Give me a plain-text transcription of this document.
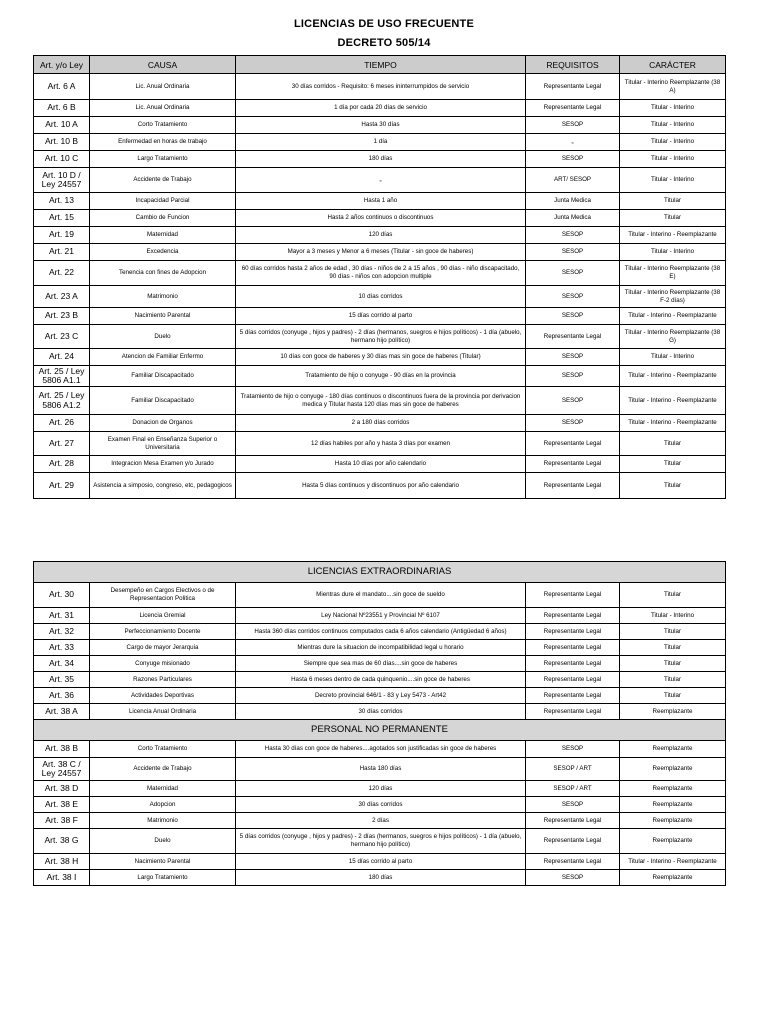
LICENCIAS DE USO FRECUENTE
DECRETO 505/14
Art. y/o Ley	CAUSA	TIEMPO	REQUISITOS	CARÁCTER
Art. 6 A	Lic. Anual Ordinaria	30 días corridos - Requisito: 6 meses ininterrumpidos de servicio	Representante Legal	Titular - Interino Reemplazante (38 A)
Art. 6 B	Lic. Anual Ordinaria	1 día por cada 20 días de servicio	Representante Legal	Titular - Interino
Art. 10 A	Corto Tratamiento	Hasta 30 días	SESOP	Titular - Interino
Art. 10 B	Enfermedad en horas de trabajo	1 día	„	Titular - Interino
Art. 10 C	Largo Tratamiento	180 días	SESOP	Titular - Interino
Art. 10 D / Ley 24557	Accidente de Trabajo	„	ART/ SESOP	Titular - Interino
Art. 13	Incapacidad Parcial	Hasta 1 año	Junta Medica	Titular
Art. 15	Cambio de Funcion	Hasta 2 años continuos o discontinuos	Junta Medica	Titular
Art. 19	Maternidad	120 días	SESOP	Titular - Interino - Reemplazante
Art. 21	Excedencia	Mayor a 3 meses y Menor a 6 meses (Titular - sin goce de haberes)	SESOP	Titular - Interino
Art. 22	Tenencia con fines de Adopcion	60 días corridos hasta 2 años de edad , 30 días - niños de 2 a 15 años , 90 días - niño discapacitado, 90 días - niños con adopcion multiple	SESOP	Titular - Interino Reemplazante (38 E)
Art. 23 A	Matrimonio	10 días corridos	SESOP	Titular - Interino Reemplazante (38 F-2 días)
Art. 23 B	Nacimiento Parental	15 días corrido al parto	SESOP	Titular - Interino - Reemplazante
Art. 23 C	Duelo	5 días corridos (conyuge , hijos y padres) - 2 días (hermanos, suegros e hijos políticos) - 1 día (abuelo, hermano hijo político)	Representante Legal	Titular - Interino Reemplazante (38 G)
Art. 24	Atencion de Familiar Enfermo	10 días con goce de haberes y 30 días mas sin goce de haberes (Titular)	SESOP	Titular - Interino
Art. 25 / Ley 5806 A1.1	Familiar Discapacitado	Tratamiento de hijo o conyuge - 90 días en la provincia	SESOP	Titular - Interino - Reemplazante
Art. 25 / Ley 5806 A1.2	Familiar Discapacitado	Tratamiento de hijo o conyuge - 180 días continuos o discontinuos fuera de la provincia por derivacion medica y Titular hasta 120 días mas sin goce de haberes	SESOP	Titular - Interino - Reemplazante
Art. 26	Donacion de Organos	2 a 180 días corridos	SESOP	Titular - Interino - Reemplazante
Art. 27	Examen Final en Enseñanza Superior o Universitaria	12 días habiles por año y hasta 3 días por examen	Representante Legal	Titular
Art. 28	Integracion Mesa Examen y/o Jurado	Hasta 10 días por año calendario	Representante Legal	Titular
Art. 29	Asistencia a simposio, congreso, etc, pedagogicos	Hasta 5 días continuos y discontinuos por año calendario	Representante Legal	Titular
LICENCIAS EXTRAORDINARIAS				
Art. 30	Desempeño en Cargos Electivos o de Representacion Politica	Mientras dure el mandato....sin goce de sueldo	Representante Legal	Titular
Art. 31	Licencia Gremial	Ley Nacional Nº23551 y Provincial Nº 6107	Representante Legal	Titular - Interino
Art. 32	Perfeccionamiento Docente	Hasta 360 días corridos continuos computados cada 6 años calendario (Antigüedad 6 años)	Representante Legal	Titular
Art. 33	Cargo de mayor Jerarquia	Mientras dure la situacion de incompatibilidad legal u horario	Representante Legal	Titular
Art. 34	Conyuge misionado	Siempre que sea mas de 60 días....sin goce de haberes	Representante Legal	Titular
Art. 35	Razones Particulares	Hasta 6 meses dentro de cada quinquenio....sin goce de haberes	Representante Legal	Titular
Art. 36	Actividades Deportivas	Decreto provincial 646/1 - 83 y Ley 5473 - Art42	Representante Legal	Titular
Art. 38 A	Licencia Anual Ordinaria	30 días corridos	Representante Legal	Reemplazante
PERSONAL NO PERMANENTE				
Art. 38 B	Corto Tratamiento	Hasta 30 días con goce de haberes....agotados son justificadas sin goce de haberes	SESOP	Reemplazante
Art. 38 C / Ley 24557	Accidente de Trabajo	Hasta 180 días	SESOP / ART	Reemplazante
Art. 38 D	Maternidad	120 días	SESOP / ART	Reemplazante
Art. 38 E	Adopcion	30 días corridos	SESOP	Reemplazante
Art. 38 F	Matrimonio	2 días	Representante Legal	Reemplazante
Art. 38 G	Duelo	5 días corridos (conyuge , hijos y padres) - 2 días (hermanos, suegros e hijos políticos) - 1 día (abuelo, hermano hijo político)	Representante Legal	Reemplazante
Art. 38 H	Nacimiento Parental	15 días corrido al parto	Representante Legal	Titular - Interino - Reemplazante
Art. 38 I	Largo Tratamiento	180 días	SESOP	Reemplazante
